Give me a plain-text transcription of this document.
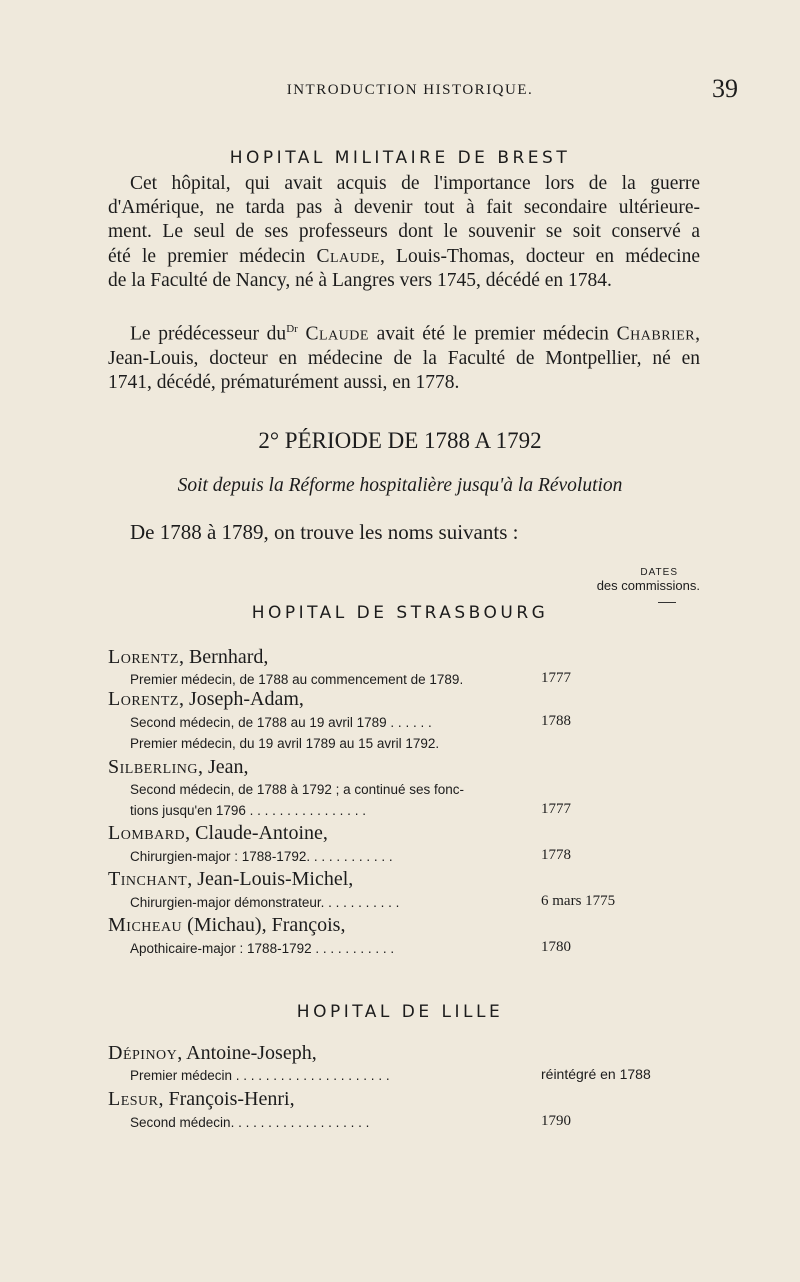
INTRODUCTION HISTORIQUE.	39
HOPITAL MILITAIRE DE BREST
Cet hôpital, qui avait acquis de l'importance lors de la guerre
d'Amérique, ne tarda pas à devenir tout à fait secondaire ultérieure-
ment. Le seul de ses professeurs dont le souvenir se soit conservé a
été le premier médecin Claude, Louis-Thomas, docteur en médecine
de la Faculté de Nancy, né à Langres vers 1745, décédé en 1784.
Le prédécesseur $du^{Dr}$ Claude avait été le premier médecin Chabrier,
Jean-Louis, docteur en médecine de la Faculté de Montpellier, né en
1741, décédé, prématurément aussi, en 1778.
2° PÉRIODE DE 1788 A 1792
Soit depuis la Réforme hospitalière jusqu'à la Révolution
De 1788 à 1789, on trouve les noms suivants :
DATES
des commissions.
HOPITAL DE STRASBOURG
Lorentz, Bernhard,
Premier médecin, de 1788 au commencement de 1789.	1777
Lorentz, Joseph-Adam,
Second médecin, de 1788 au 19 avril 1789 . . . . . .	1788
Premier médecin, du 19 avril 1789 au 15 avril 1792.
Silberling, Jean,
Second médecin, de 1788 à 1792 ; a continué ses fonc-
tions jusqu'en 1796 . . . . . . . . . . . . . . . .	1777
Lombard, Claude-Antoine,
Chirurgien-major : 1788-1792. . . . . . . . . . . .	1778
Tinchant, Jean-Louis-Michel,
Chirurgien-major démonstrateur. . . . . . . . . . .	6 mars 1775
Micheau (Michau), François,
Apothicaire-major : 1788-1792 . . . . . . . . . . .	1780
HOPITAL DE LILLE
Dépinoy, Antoine-Joseph,
Premier médecin . . . . . . . . . . . . . . . . . . . . .	réintégré en 1788
Lesur, François-Henri,
Second médecin. . . . . . . . . . . . . . . . . . .	1790
